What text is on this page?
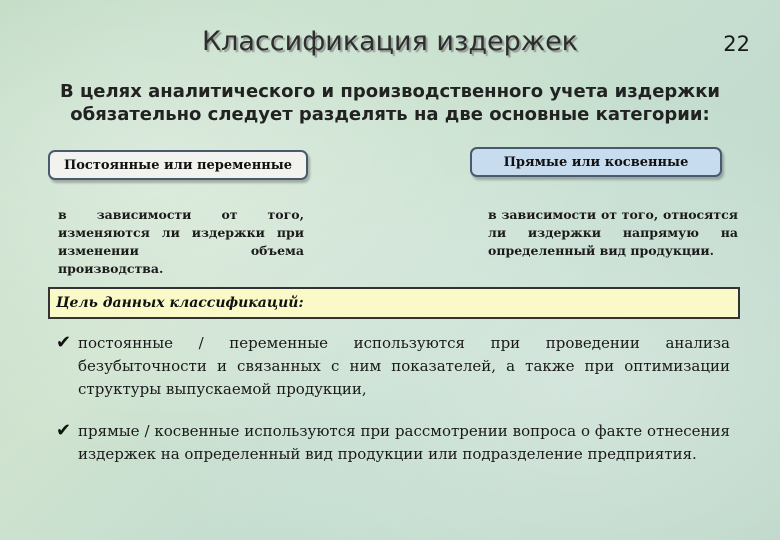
Классификация издержек	22
В целях аналитического и производственного учета издержки обязательно следует разделять на две основные категории:
Постоянные или переменные	Прямые или косвенные
в зависимости от того, изменяются ли издержки при изменении объема производства.
в зависимости от того, относятся ли издержки напрямую на определенный вид продукции.
Цель данных классификаций:
✔ постоянные / переменные используются при проведении анализа безубыточности и связанных с ним показателей, а также при оптимизации структуры выпускаемой продукции,
✔ прямые / косвенные используются при рассмотрении вопроса о факте отнесения издержек на определенный вид продукции или подразделение предприятия.
